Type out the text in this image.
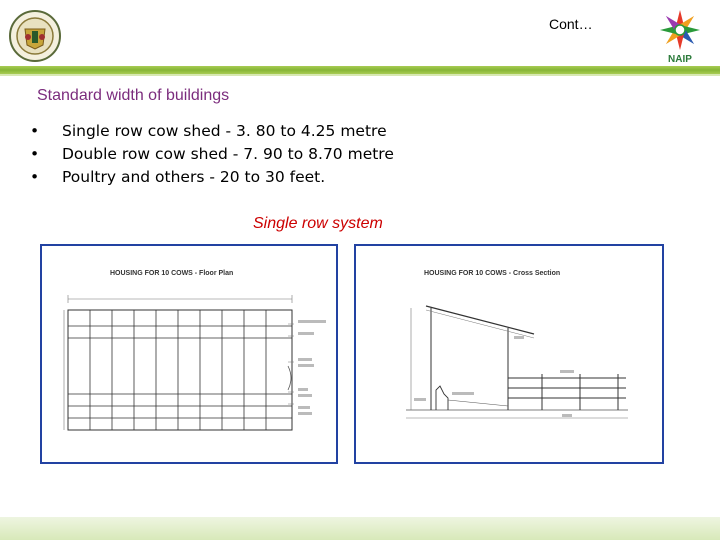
Cont…
NAIP
Standard width of buildings
• Single row cow shed - 3. 80 to 4.25 metre
• Double row cow shed - 7. 90 to 8.70 metre
• Poultry and others - 20 to 30 feet.
Single row system
HOUSING FOR 10 COWS - Floor Plan	HOUSING FOR 10 COWS - Cross Section
